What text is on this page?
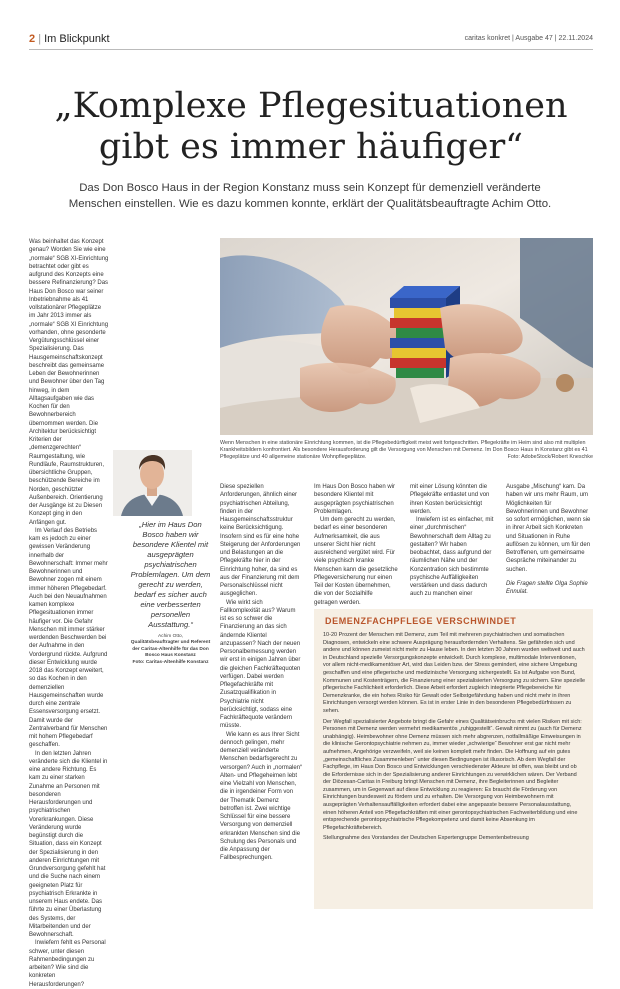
2 | Im Blickpunkt	caritas konkret | Ausgabe 47 | 22.11.2024
„Komplexe Pflegesituationen
gibt es immer häufiger“
Das Don Bosco Haus in der Region Konstanz muss sein Konzept für demenziell veränderte
Menschen einstellen. Wie es dazu kommen konnte, erklärt der Qualitätsbeauftragte Achim Otto.

Was beinhaltet das Konzept genau? Worden Sie wie eine „normale“ SGB XI-Einrichtung betrachtet oder gibt es aufgrund des Konzepts eine bessere Refinanzierung? Das Haus Don Bosco war seiner Inbetriebnahme als 41 vollstationärer Pflegeplätze im Jahr 2013 immer als „normale“ SGB XI Einrichtung vorhanden, ohne gesonderte Vergütungsschlüssel einer Spezialisierung. Das Hausgemeinschaftskonzept beschreibt das gemeinsame Leben der Bewohnerinnen und Bewohner über den Tag hinweg, in dem Alltagsaufgaben wie das Kochen für den Bewohnerbereich übernommen werden. Die Architektur berücksichtigt Kriterien der „demenzgerechten“ Raumgestaltung, wie Rundläufe, Raumstrukturen, übersichtliche Gruppen, beschützende Bereiche im Norden, geschützter Außenbereich. Orientierung der Ausgänge ist zu Diesen Konzept ging in den Anfängen gut.

Im Verlauf des Betriebs kam es jedoch zu einer gewissen Veränderung innerhalb der Bewohnerschaft: Immer mehr Bewohnerinnen und Bewohner zogen mit einem immer höheren Pflegebedarf. Auch bei den Neuaufnahmen kamen komplexe Pflegesituationen immer häufiger vor. Die Gefahr Menschen mit immer stärker werdenden Beschwerden bei der Aufnahme in den Vordergrund rückte. Aufgrund dieser Entwicklung wurde 2018 das Konzept erweitert, so das Kochen in den demenziellen Hausgemeinschaften wurde durch eine zentrale Essensversorgung ersetzt. Damit wurde der Zentralverband für Menschen mit hohem Pflegebedarf geschaffen.

In den letzten Jahren veränderte sich die Klientel in eine andere Richtung. Es kam zu einer starken Zunahme an Personen mit besonderen Herausforderungen und psychiatrischen Vorerkrankungen. Diese Veränderung wurde begünstigt durch die Situation, dass ein Konzept der Spezialisierung in den anderen Einrichtungen mit Grundversorgung gefehlt hat und die Suche nach einem geeigneten Platz für psychiatrisch Erkrankte in unserem Haus endete. Das führte zu einer Überlastung des Systems, der Mitarbeitenden und der Bewohnerschaft.

Inwiefern fehlt es Personal schwer, unter diesen Rahmenbedingungen zu arbeiten? Wie sind die konkreten Herausforderungen?

Wenn Menschen in eine stationäre Einrichtung kommen, ist die Pflegebedürftigkeit meist weit fortgeschritten. Pflegekräfte im Heim sind also mit multiplen Krankheitsbildern konfrontiert. Als besondere Herausforderung gilt die Versorgung von Menschen mit Demenz. Im Don Bosco Haus in Konstanz gibt es 41 Pflegeplätze und 40 allgemeine stationäre Wohnpflegeplätze.	Foto: AdobeStock/Robert Kneschke
„Hier im Haus Don Bosco haben wir besondere Klientel mit ausgeprägten psychiatrischen Problemlagen. Um dem gerecht zu werden, bedarf es sicher auch eine verbesserten personellen Ausstattung.“
Achim Otto,
Qualitätsbeauftragter und Referent der Caritas-Altenhilfe für das Don Bosco Haus Konstanz
Foto: Caritas-Altenhilfe Konstanz

Diese speziellen Anforderungen, ähnlich einer psychiatrischen Abteilung, finden in der Hausgemeinschaftsstruktur keine Berücksichtigung. Insofern sind es für eine hohe Steigerung der Anforderungen und Belastungen an die Pflegekräfte hier in der Einrichtung hoher, da sind es aus der Finanzierung mit dem Personalschlüssel nicht ausgeglichen.

Wie wirkt sich Fallkomplexität aus? Warum ist es so schwer die Finanzierung an das sich ändernde Klientel anzupassen? Nach der neuen Personalbemessung werden wir erst in einigen Jahren über die gleichen Fachkräftequoten verfügen. Dabei werden Pflegefachkräfte mit Zusatzqualifikation in Psychiatrie nicht berücksichtigt, sodass eine Fachkräftequote verändern müsste.

Wie kann es aus Ihrer Sicht dennoch gelingen, mehr demenziell veränderte Menschen bedarfsgerecht zu versorgen? Auch in „normalen“ Alten- und Pflegeheimen lebt eine Vielzahl von Menschen, die in irgendeiner Form von der Thematik Demenz betroffen ist. Zwei wichtige Schlüssel für eine bessere Versorgung von demenziell erkrankten Menschen sind die Schulung des Personals und die Anpassung der Fallbesprechungen.

Im Haus Don Bosco haben wir besondere Klientel mit ausgeprägten psychiatrischen Problemlagen.

Um dem gerecht zu werden, bedarf es einer besonderen Aufmerksamkeit, die aus unserer Sicht hier nicht ausreichend vergütet wird. Für viele psychisch kranke Menschen kann die gesetzliche Pflegeversicherung nur einen Teil der Kosten übernehmen, die von der Sozialhilfe getragen werden.

mit einer Lösung könnten die Pflegekräfte entlastet und von ihren Kosten berücksichtigt werden.

Inwiefern ist es einfacher, mit einer „durchmischen“ Bewohnerschaft dem Alltag zu gestalten? Wir haben beobachtet, dass aufgrund der räumlichen Nähe und der Konzentration sich bestimmte psychische Auffälligkeiten verstärken und dass dadurch auch zu manchen einer

Ausgabe „Mischung“ kam. Da haben wir uns mehr Raum, um Möglichkeiten für Bewohnerinnen und Bewohner so sofort ermöglichen, wenn sie in ihrer Arbeit sich Konkreten und Situationen in Ruhe auflösen zu können, um für den Betroffenen, um gemeinsame Gespräche miteinander zu suchen.

Die Fragen stellte Olga Sophie Ennulat.

DEMENZFACHPFLEGE VERSCHWINDET

10-20 Prozent der Menschen mit Demenz, zum Teil mit mehreren psychiatrischen und somatischen Diagnosen, entwickeln eine schwere Ausprägung herausfordernden Verhaltens. Sie gefährden sich und andere und können zumeist nicht mehr zu Hause leben. In den letzten 30 Jahren wurden weltweit und auch in Deutschland spezielle Versorgungskonzepte entwickelt. Durch komplexe, multimodale Interventionen, vor allem nicht-medikamentöser Art, wird das Leiden bzw. der Stress gemindert, eine sichere Umgebung geschaffen und eine pflegerische und medizinische Versorgung sichergestellt. Es ist Aufgabe von Bund, Kommunen und Kostenträgern, die Finanzierung einer spezialisierten Versorgung zu sichern. Eine spezielle pflegerische Fachlichkeit erforderlich. Diese Arbeit erfordert zugleich integrierte Pflegebereiche für Demenzkranke, die ein hohes Risiko für Gewalt oder Selbstgefährdung haben und nicht mehr in ihren Einrichtungen versorgt werden können. Es ist in erster Linie in den besonderen Pflegebedürfnissen zu sehen.

Der Wegfall spezialisierter Angebote bringt die Gefahr eines Qualitätseinbruchs mit vielen Risiken mit sich: Personen mit Demenz werden vermehrt medikamentös „ruhiggestellt“. Gewalt nimmt zu (auch für Demenz unabhängig). Heimbewohner ohne Demenz müssen sich mehr abgrenzen, notfallmäßige Einweisungen in die klinische Gerontopsychiatrie nehmen zu, immer wieder „schwierige“ Bewohner erst gar nicht mehr aufnehmen, Angehörige verzweifeln, weil sie keinen komplett mehr finden. Die Hoffnung auf ein gutes „gemeinschaftliches Zusammenleben“ unter diesen Bedingungen ist illusorisch. Ab dem Wegfall der Fachpflege, im Haus Don Bosco und Entwicklungen verschiedenster Akteure ist offen, was bleibt und ob die Erfordernisse sich in der Spezialisierung anderer Einrichtungen zu verwirklichen wären. Der Verband der Diözesan-Caritas in Freiburg bringt Menschen mit Demenz, ihre Begleiterinnen und Begleiter zusammen, um in Gegenwart auf diese Entwicklung zu reagieren: Es braucht die Förderung von Einrichtungen bundesweit zu fördern und zu erhalten. Die Versorgung von Heimbewohnern mit ausgeprägten Verhaltensauffälligkeiten erfordert dabei eine angepasste bessere Personalausstattung, einen höheren Anteil von Pflegefachkräften mit einer gerontopsychiatrischen Fachweiterbildung und eine entsprechende gerontopsychiatrische Pflegekompetenz und damit keine Absenkung im Pflegefachkräftebereich.

Stellungnahme des Vorstandes der Deutschen Expertengruppe Dementenbetreuung
